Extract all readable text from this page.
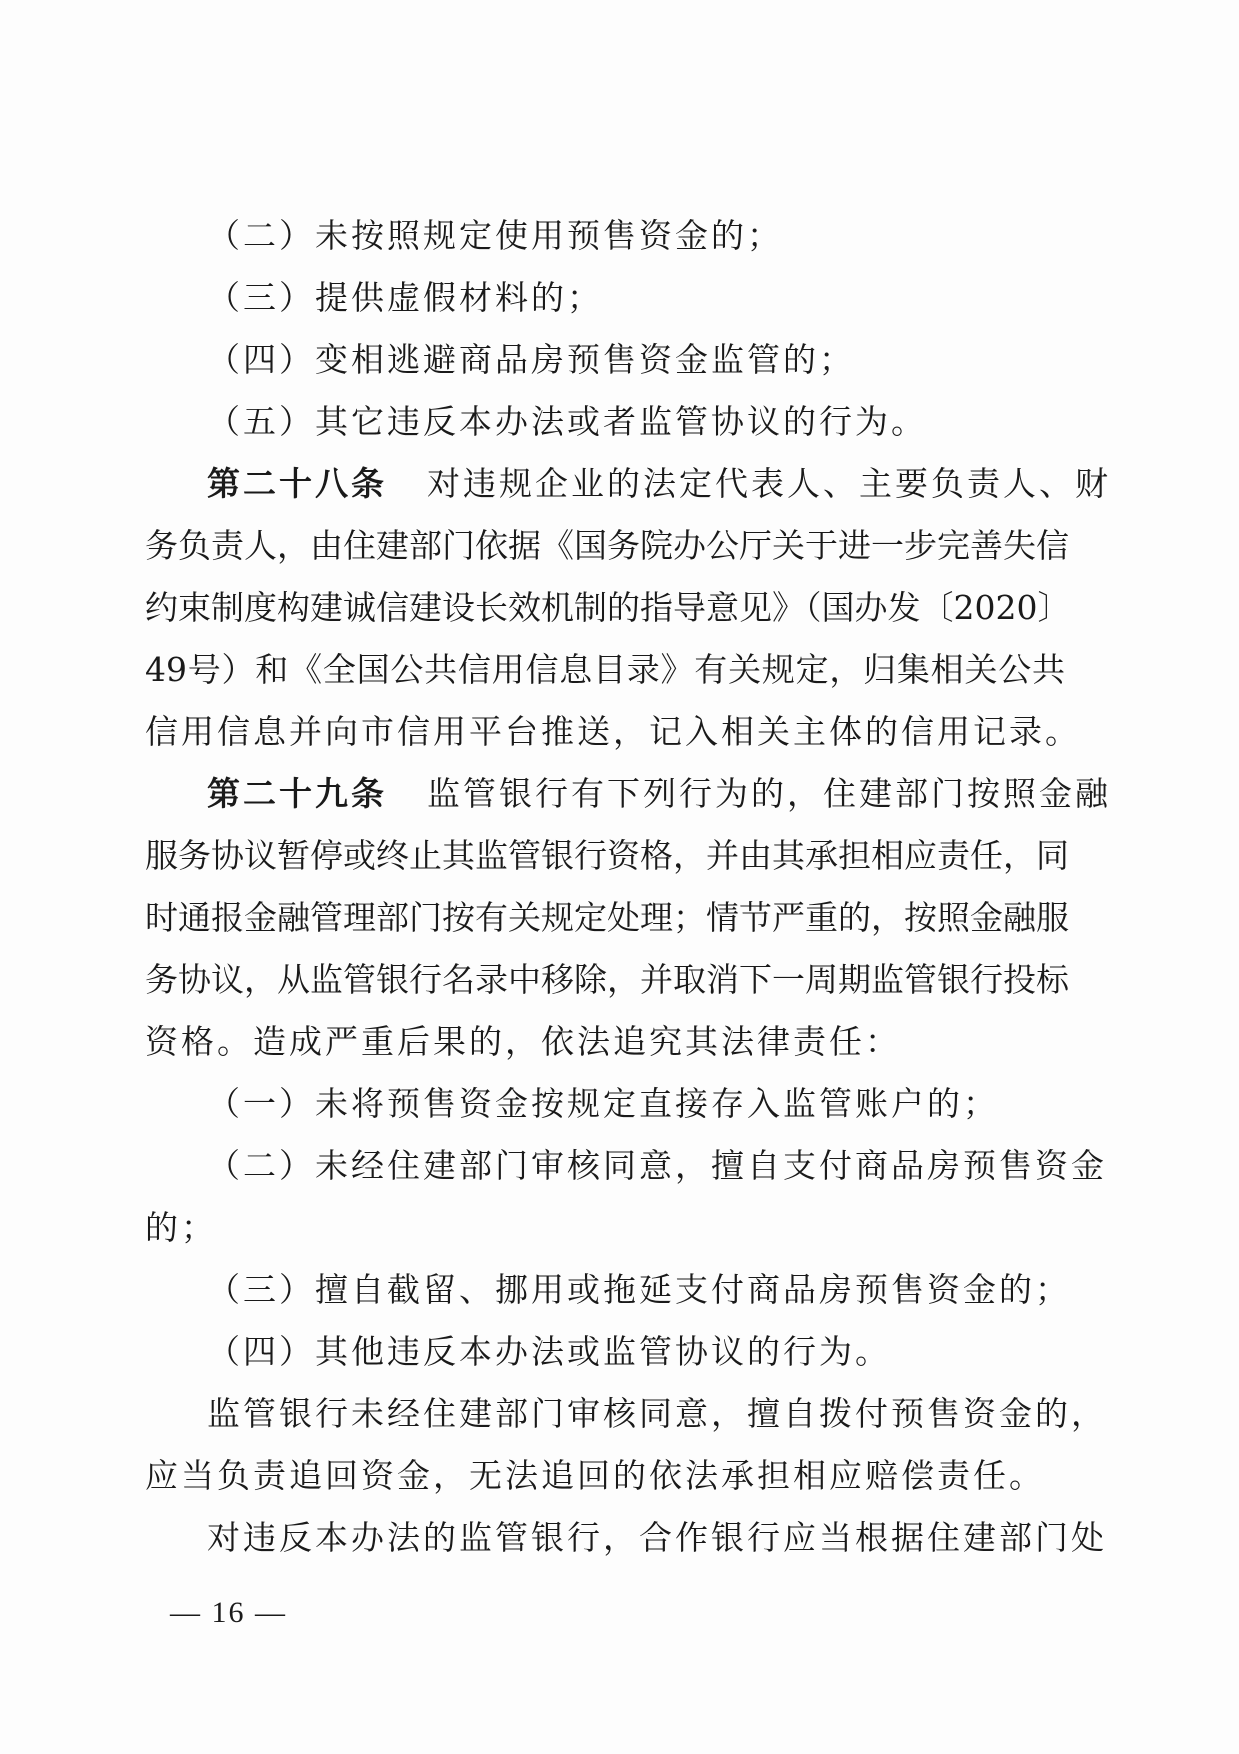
（二）未按照规定使用预售资金的；
（三）提供虚假材料的；
（四）变相逃避商品房预售资金监管的；
（五）其它违反本办法或者监管协议的行为。
第二十八条 对违规企业的法定代表人、主要负责人、财
务负责人，由住建部门依据《国务院办公厅关于进一步完善失信
约束制度构建诚信建设长效机制的指导意见》（国办发〔2020〕
49号）和《全国公共信用信息目录》有关规定，归集相关公共
信用信息并向市信用平台推送，记入相关主体的信用记录。
第二十九条 监管银行有下列行为的，住建部门按照金融
服务协议暂停或终止其监管银行资格，并由其承担相应责任，同
时通报金融管理部门按有关规定处理；情节严重的，按照金融服
务协议，从监管银行名录中移除，并取消下一周期监管银行投标
资格。造成严重后果的，依法追究其法律责任：
（一）未将预售资金按规定直接存入监管账户的；
（二）未经住建部门审核同意，擅自支付商品房预售资金
的；
（三）擅自截留、挪用或拖延支付商品房预售资金的；
（四）其他违反本办法或监管协议的行为。
监管银行未经住建部门审核同意，擅自拨付预售资金的，
应当负责追回资金，无法追回的依法承担相应赔偿责任。
对违反本办法的监管银行，合作银行应当根据住建部门处
— 16 —
